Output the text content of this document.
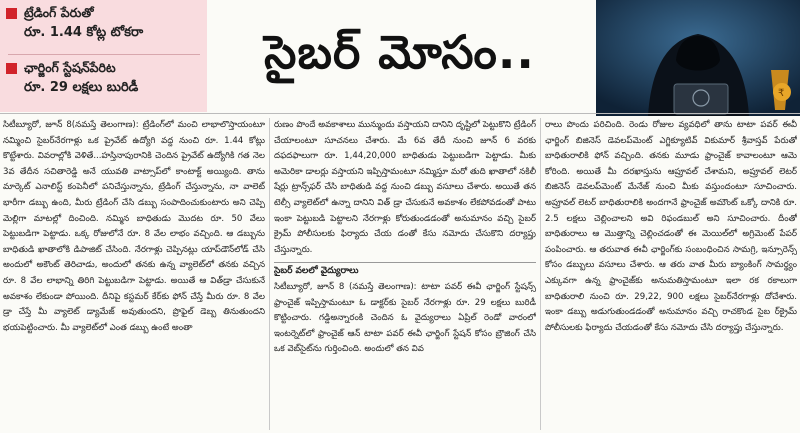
ట్రేడింగ్ పేరుతో
రూ. 1.44 కోట్ల టోకరా
ఛార్జింగ్ స్టేషన్‌పేరిట
రూ. 29 లక్షలు బురిడీ
సైబర్ మోసం..
₹

సిటీబ్యూరో, జూన్ 8(నమస్తే తెలంగాణ): ట్రేడింగ్‌లో మంచి లాభాలొస్తాయంటూ నమ్మించి సైబర్‌నేరగాళ్లు ఒక ప్రైవేట్ ఉద్యోగి వద్ద నుంచి రూ. 1.44 కోట్లు కొట్టేశారు. వివరాల్లోకి వెళితే...హస్తినాపురానికి చెందిన ప్రైవేట్ ఉద్యోగికి గత నెల 3వ తేదీన సచితారెడ్డి అనే యువతి వాట్సాప్‌లో కాంటాక్ట్ అయ్యింది. తాను మార్కెట్ ఎనాలిస్ట్ కంపెనీలో పనిచేస్తున్నాను, ట్రేడింగ్ చేస్తున్నాను, నా వాలెట్ భారీగా డబ్బు ఉంది, మీరు ట్రేడింగ్ చేసి డబ్బు సంపాదించుకుంటారు అని చెప్పి మెల్లిగా మాటల్లో దించింది. నమ్మిన బాధితుడు మొదట రూ. 50 వేలు పెట్టుబడిగా పెట్టాడు. ఒక్క రోజులోనే రూ. 8 వేల లాభం వచ్చింది. ఆ డబ్బును బాధితుడి ఖాతాలోకి డిపాజిట్ చేసింది. నేరగాళ్లు చెప్పినట్లు యాప్‌డౌన్‌లోడ్ చేసి అందులో అకౌంట్ తెరిచాడు, అందులో తనకు ఉన్న వ్యాలెట్‌లో తనకు వచ్చిన రూ. 8 వేల లాభాన్ని తిరిగి పెట్టుబడిగా పెట్టాడు. అయితే ఆ విత్‌డ్రా చేసుకునే అవకాశం లేకుండా పోయింది. దీనిపై కస్టమర్ కేర్‌కు ఫోన్ చేస్తే మీరు రూ. 8 వేల డ్రా చేస్తే మీ వ్యాలెట్ డ్యామేజ్ అవుతుందని, ప్రొఫైల్ డెబ్బ తినుతుందని భయపెట్టించారు. మీ వ్యాలెట్‌లో ఎంత డబ్బు ఉంటే అంతా

రుణం పొందే అవకాశాలు మున్ముందు వస్తాయని దానిని దృష్టిలో పెట్టుకొని ట్రేడింగ్ చేయాలంటూ సూచనలు చేశారు. మే 6వ తేదీ నుంచి జూన్ 6 వరకు దఫదఫాలుగా రూ. 1,44,20,000 బాధితుడు పెట్టుబడిగా పెట్టాడు. మీకు అమెరికా డాలర్లు వస్తాయని ఇప్పిస్తామంటూ నమ్మిస్తూ మరో తుది ఖాతాలో నకిలీ షేర్లు ట్రాన్స్‌ఫర్ చేసి బాధితుడి వద్ద నుంచి డబ్బు వసూలు చేశారు. అయితే తన టెల్సీ వ్యాలెట్‌లో ఉన్నా దానిని విత్ డ్రా చేసుకునే అవకాశం లేకపోవడంతో పాటు ఇంకా పెట్టుబడి పెట్టాలని నేరగాళ్లు కోరుతుండడంతో అనుమానం వచ్చి సైబర్ క్రైమ్ పోలీసులకు ఫిర్యాదు చేయ డంతో కేసు నమోదు చేసుకొని దర్యాప్తు చేస్తున్నారు.

సైబర్ వలలో వైద్యురాలు

సిటీబ్యూరో, జూన్ 8 (నమస్తే తెలంగాణ): టాటా పవర్ ఈవీ ఛార్జింగ్ స్టేషన్స్ ఫ్రాంచైజ్ ఇప్పిస్తామంటూ ఓ డాక్టర్‌కు సైబర్ నేరగాళ్లు రూ. 29 లక్షలు బురిడీ కొట్టించారు. గడ్డిఅన్నారంకి చెందిన ఓ వైద్యురాలు ఏప్రిల్ రెండో వారంలో ఇంటర్నెట్‌లో ఫ్రాంచైజ్ ఆన్ టాటా పవర్ ఈవీ ఛార్జింగ్ స్టేషన్ కోసం బ్రౌజింగ్ చేసి ఒక వెబ్‌సైట్‌ను గుర్తించింది. అందులో తన వివ

రాలు పొందు పరిచింది. రెండు రోజుల వ్యవధిలో తాను టాటా పవర్ ఈవీ ఛార్జింగ్ బిజినెస్ డెవలప్‌మెంట్ ఎగ్జిక్యూటివ్ వికుమార్ శ్రీవాస్తవ్ పేరుతో బాధితురాలికి ఫోన్ వచ్చింది. తనకు మూడు ఫ్రాంచైజ్ కావాలంటూ ఆమె కోరింది. అయితే మీ దరఖాస్తును ఆప్రూవల్ చేశామని, అప్రూవల్ లెటర్ బిజినెస్ డెవలప్‌మెంట్ మేనేజ్ నుంచి మీకు వస్తుందంటూ సూచించారు. అప్రూవల్ లెటర్ బాధితురాలికి అందగానే ఫ్రాంచైజ్ అమౌంట్ ఒక్కో దానికి రూ. 2.5 లక్షలు చెల్లించాలని అవి రిఫండబుల్ అని సూచించారు. దీంతో బాధితురాలు ఆ మొత్తాన్ని చెల్లించడంతో ఈ మెయిల్‌లో అగ్రిమెంట్ పేపర్ పంపించారు. ఆ తరువాత ఈవీ ఛార్జింగ్‌కు సంబంధించిన సామగ్రి, ఇన్సూరెన్స్ కోసం డబ్బులు వసూలు చేశారు. ఆ తరు వాత మీరు బ్యాంకింగ్ సామర్థ్యం ఎక్కువగా ఉన్న ఫ్రాంచైజ్‌కు అనుమతిస్తామంటూ ఇలా రక రకాలుగా బాధితురాలి నుంచి రూ. 29,22, 900 లక్షలు సైబర్‌నేరగాళ్లు దోచేశారు. ఇంకా డబ్బు అడుగుతుండడంతో అనుమానం వచ్చి రాచకొండ సైబ ర్‌క్రైమ్ పోలీసులకు ఫిర్యాదు చేయడంతో కేసు నమోదు చేసి దర్యాప్తు చేస్తున్నారు.
